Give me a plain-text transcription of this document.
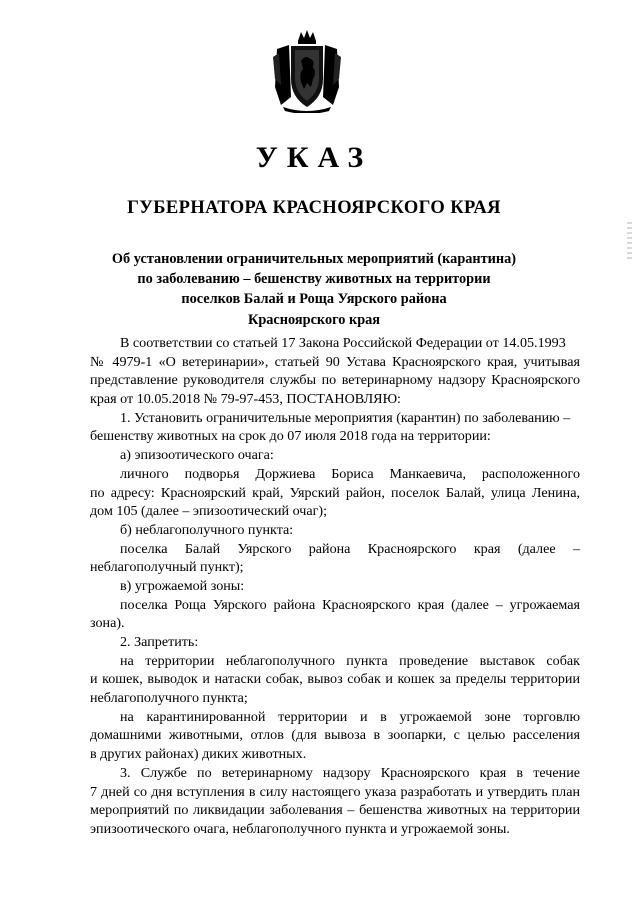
УКАЗ
ГУБЕРНАТОРА КРАСНОЯРСКОГО КРАЯ
Об установлении ограничительных мероприятий (карантина)
по заболеванию – бешенству животных на территории
поселков Балай и Роща Уярского района
Красноярского края
В соответствии со статьей 17 Закона Российской Федерации от 14.05.1993
№ 4979-1 «О ветеринарии», статьей 90 Устава Красноярского края, учитывая
представление руководителя службы по ветеринарному надзору Красноярского
края от 10.05.2018 № 79-97-453, ПОСТАНОВЛЯЮ:
1. Установить ограничительные мероприятия (карантин) по заболеванию –
бешенству животных на срок до 07 июля 2018 года на территории:
а) эпизоотического очага:
личного подворья Доржиева Бориса Манкаевича, расположенного
по адресу: Красноярский край, Уярский район, поселок Балай, улица Ленина,
дом 105 (далее – эпизоотический очаг);
б) неблагополучного пункта:
поселка Балай Уярского района Красноярского края (далее –
неблагополучный пункт);
в) угрожаемой зоны:
поселка Роща Уярского района Красноярского края (далее – угрожаемая
зона).
2. Запретить:
на территории неблагополучного пункта проведение выставок собак
и кошек, выводок и натаски собак, вывоз собак и кошек за пределы территории
неблагополучного пункта;
на карантинированной территории и в угрожаемой зоне торговлю
домашними животными, отлов (для вывоза в зоопарки, с целью расселения
в других районах) диких животных.
3. Службе по ветеринарному надзору Красноярского края в течение
7 дней со дня вступления в силу настоящего указа разработать и утвердить план
мероприятий по ликвидации заболевания – бешенства животных на территории
эпизоотического очага, неблагополучного пункта и угрожаемой зоны.
